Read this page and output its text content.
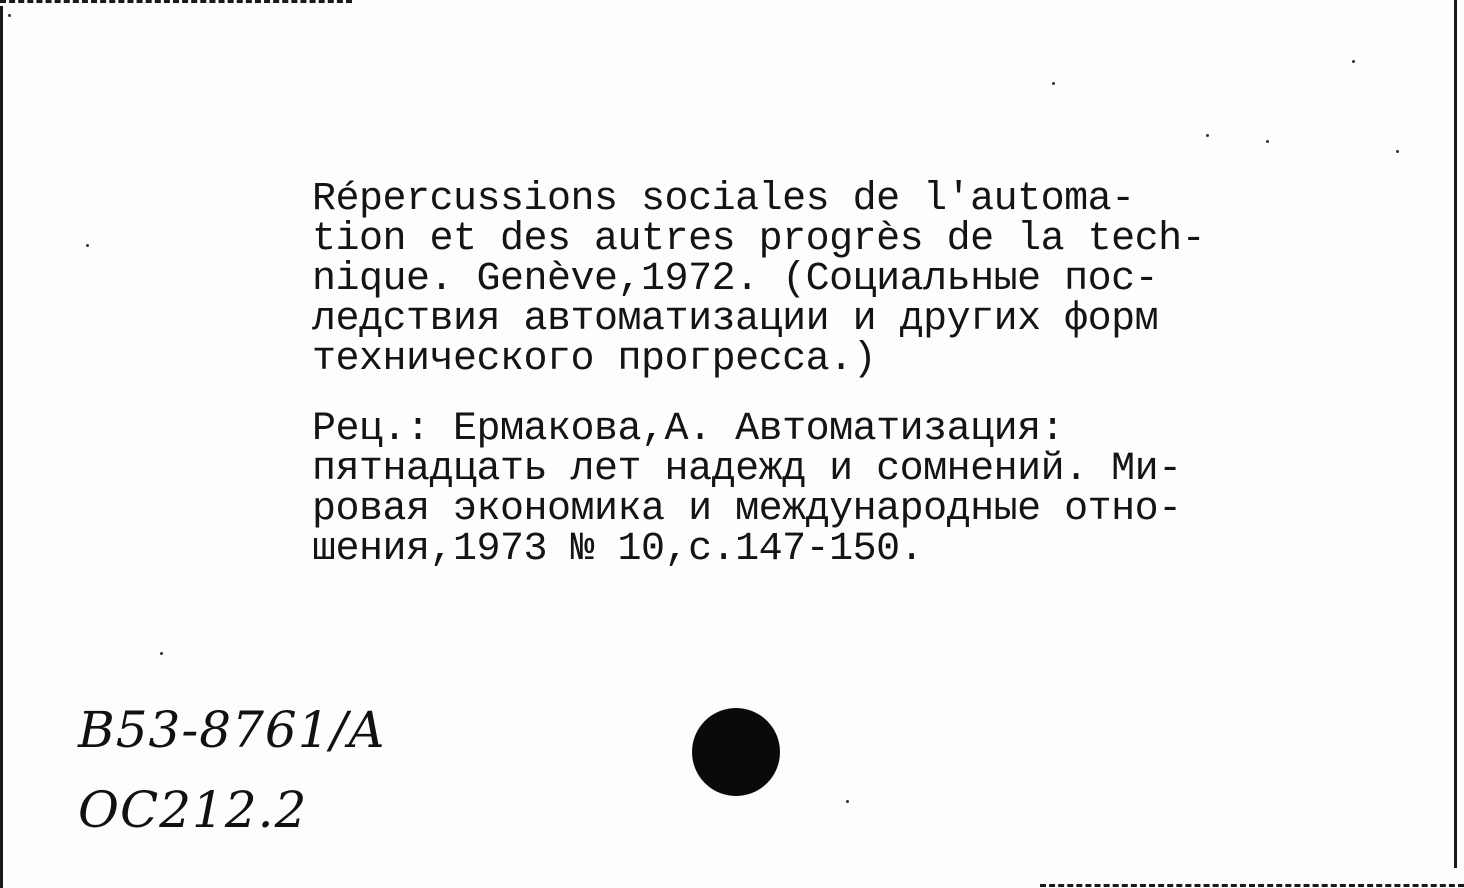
Répercussions sociales de l'automa-
tion et des autres progrès de la tech-
nique. Genève,1972. (Социальные пос-
ледствия автоматизации и других форм
технического прогресса.)

Рец.: Ермакова,А. Автоматизация:
пятнадцать лет надежд и сомнений. Ми-
ровая экономика и международные отно-
шения,1973 № 10,с.147-150.

B53-8761/A
OC212.2
